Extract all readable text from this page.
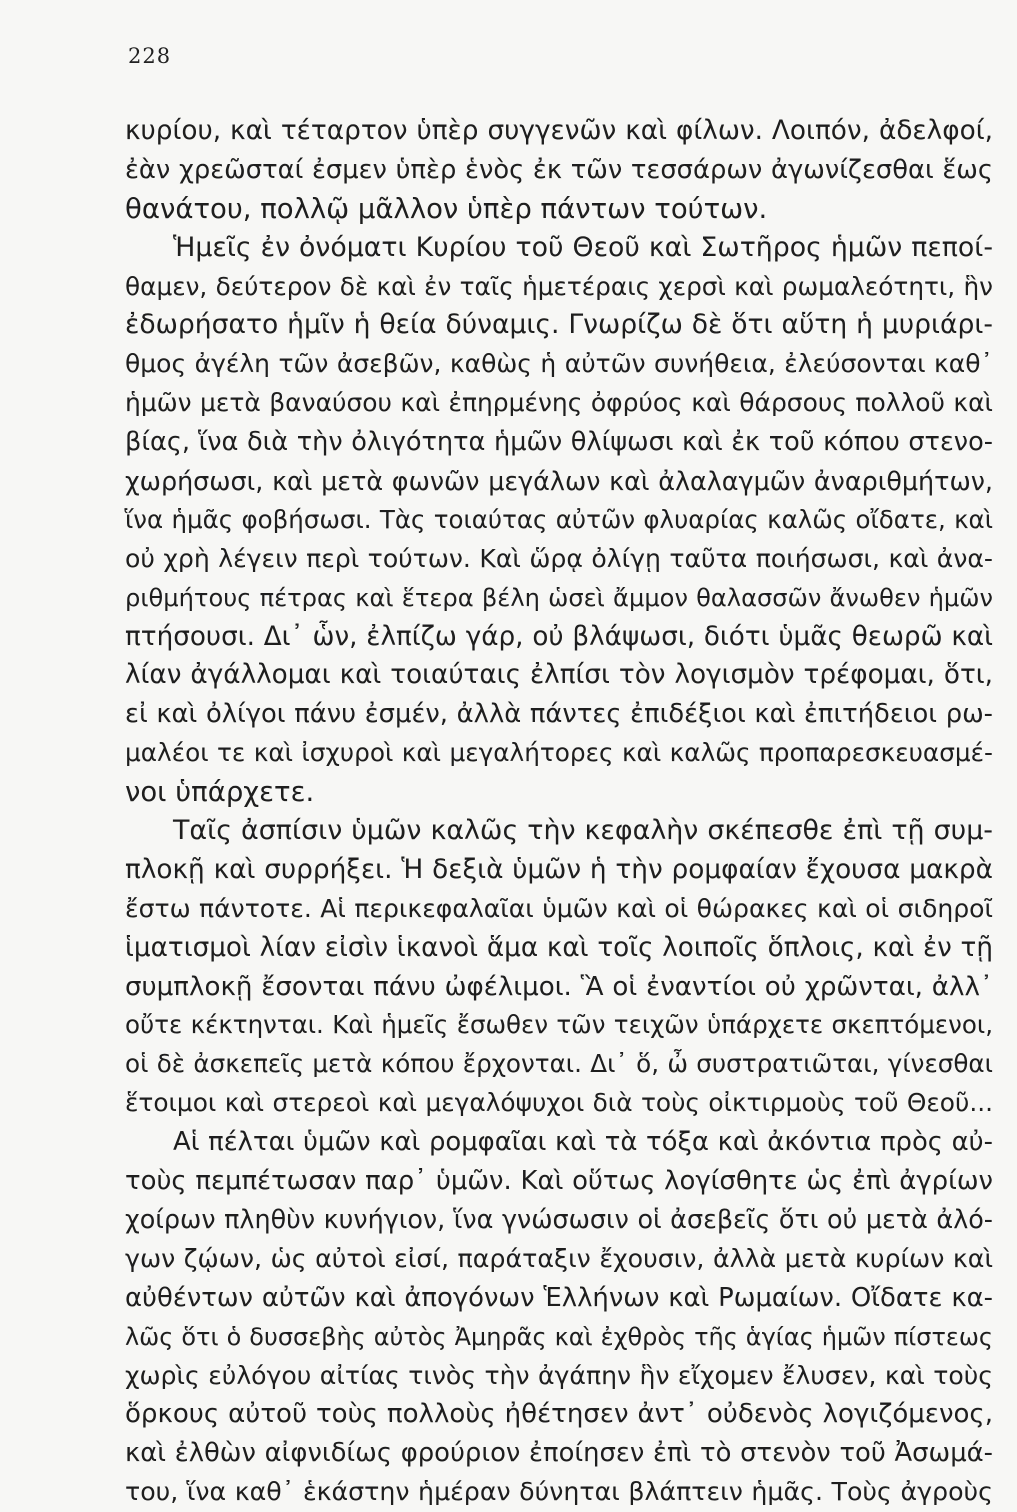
228
κυρίου, καὶ τέταρτον ὑπὲρ συγγενῶν καὶ φίλων. Λοιπόν, ἀδελφοί,
ἐὰν χρεῶσταί ἐσμεν ὑπὲρ ἑνὸς ἐκ τῶν τεσσάρων ἀγωνίζεσθαι ἕως
θανάτου, πολλῷ μᾶλλον ὑπὲρ πάντων τούτων.
Ἡμεῖς ἐν ὀνόματι Κυρίου τοῦ Θεοῦ καὶ Σωτῆρος ἡμῶν πεποί-
θαμεν, δεύτερον δὲ καὶ ἐν ταῖς ἡμετέραις χερσὶ καὶ ρωμαλεότητι, ἣν
ἐδωρήσατο ἡμῖν ἡ θεία δύναμις. Γνωρίζω δὲ ὅτι αὕτη ἡ μυριάρι-
θμος ἀγέλη τῶν ἀσεβῶν, καθὼς ἡ αὐτῶν συνήθεια, ἐλεύσονται καθ᾽
ἡμῶν μετὰ βαναύσου καὶ ἐπηρμένης ὀφρύος καὶ θάρσους πολλοῦ καὶ
βίας, ἵνα διὰ τὴν ὀλιγότητα ἡμῶν θλίψωσι καὶ ἐκ τοῦ κόπου στενο-
χωρήσωσι, καὶ μετὰ φωνῶν μεγάλων καὶ ἀλαλαγμῶν ἀναριθμήτων,
ἵνα ἡμᾶς φοβήσωσι. Τὰς τοιαύτας αὐτῶν φλυαρίας καλῶς οἴδατε, καὶ
οὐ χρὴ λέγειν περὶ τούτων. Καὶ ὥρᾳ ὀλίγῃ ταῦτα ποιήσωσι, καὶ ἀνα-
ριθμήτους πέτρας καὶ ἕτερα βέλη ὡσεὶ ἄμμον θαλασσῶν ἄνωθεν ἡμῶν
πτήσουσι. Δι᾽ ὧν, ἐλπίζω γάρ, οὐ βλάψωσι, διότι ὑμᾶς θεωρῶ καὶ
λίαν ἀγάλλομαι καὶ τοιαύταις ἐλπίσι τὸν λογισμὸν τρέφομαι, ὅτι,
εἰ καὶ ὀλίγοι πάνυ ἐσμέν, ἀλλὰ πάντες ἐπιδέξιοι καὶ ἐπιτήδειοι ρω-
μαλέοι τε καὶ ἰσχυροὶ καὶ μεγαλήτορες καὶ καλῶς προπαρεσκευασμέ-
νοι ὑπάρχετε.
Ταῖς ἀσπίσιν ὑμῶν καλῶς τὴν κεφαλὴν σκέπεσθε ἐπὶ τῇ συμ-
πλοκῇ καὶ συρρήξει. Ἡ δεξιὰ ὑμῶν ἡ τὴν ρομφαίαν ἔχουσα μακρὰ
ἔστω πάντοτε. Αἱ περικεφαλαῖαι ὑμῶν καὶ οἱ θώρακες καὶ οἱ σιδηροῖ
ἱματισμοὶ λίαν εἰσὶν ἱκανοὶ ἅμα καὶ τοῖς λοιποῖς ὅπλοις, καὶ ἐν τῇ
συμπλοκῇ ἔσονται πάνυ ὠφέλιμοι. Ἃ οἱ ἐναντίοι οὐ χρῶνται, ἀλλ᾽
οὔτε κέκτηνται. Καὶ ἡμεῖς ἔσωθεν τῶν τειχῶν ὑπάρχετε σκεπτόμενοι,
οἱ δὲ ἀσκεπεῖς μετὰ κόπου ἔρχονται. Δι᾽ ὅ, ὦ συστρατιῶται, γίνεσθαι
ἕτοιμοι καὶ στερεοὶ καὶ μεγαλόψυχοι διὰ τοὺς οἰκτιρμοὺς τοῦ Θεοῦ...
Αἱ πέλται ὑμῶν καὶ ρομφαῖαι καὶ τὰ τόξα καὶ ἀκόντια πρὸς αὐ-
τοὺς πεμπέτωσαν παρ᾽ ὑμῶν. Καὶ οὕτως λογίσθητε ὡς ἐπὶ ἀγρίων
χοίρων πληθὺν κυνήγιον, ἵνα γνώσωσιν οἱ ἀσεβεῖς ὅτι οὐ μετὰ ἀλό-
γων ζῴων, ὡς αὐτοὶ εἰσί, παράταξιν ἔχουσιν, ἀλλὰ μετὰ κυρίων καὶ
αὐθέντων αὐτῶν καὶ ἀπογόνων Ἑλλήνων καὶ Ρωμαίων. Οἴδατε κα-
λῶς ὅτι ὁ δυσσεβὴς αὐτὸς Ἀμηρᾶς καὶ ἐχθρὸς τῆς ἁγίας ἡμῶν πίστεως
χωρὶς εὐλόγου αἰτίας τινὸς τὴν ἀγάπην ἣν εἴχομεν ἔλυσεν, καὶ τοὺς
ὅρκους αὐτοῦ τοὺς πολλοὺς ἠθέτησεν ἀντ᾽ οὐδενὸς λογιζόμενος,
καὶ ἐλθὼν αἰφνιδίως φρούριον ἐποίησεν ἐπὶ τὸ στενὸν τοῦ Ἀσωμά-
του, ἵνα καθ᾽ ἑκάστην ἡμέραν δύνηται βλάπτειν ἡμᾶς. Τοὺς ἀγροὺς
